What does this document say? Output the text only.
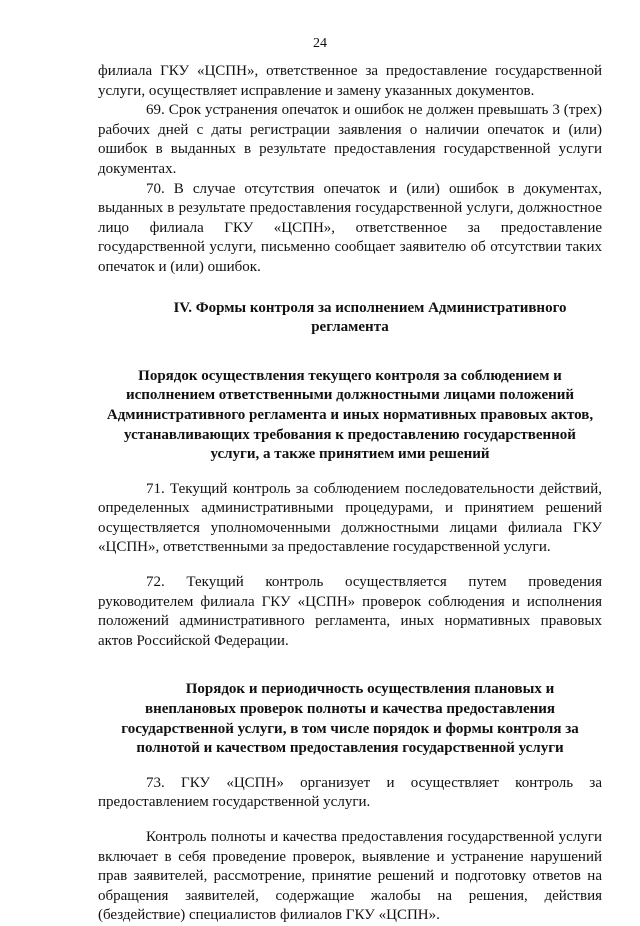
24

филиала ГКУ «ЦСПН», ответственное за предоставление государственной услуги, осуществляет исправление и замену указанных документов.

69. Срок устранения опечаток и ошибок не должен превышать 3 (трех) рабочих дней с даты регистрации заявления о наличии опечаток и (или) ошибок в выданных в результате предоставления государственной услуги документах.

70. В случае отсутствия опечаток и (или) ошибок в документах, выданных в результате предоставления государственной услуги, должностное лицо филиала ГКУ «ЦСПН», ответственное за предоставление государственной услуги, письменно сообщает заявителю об отсутствии таких опечаток и (или) ошибок.

IV. Формы контроля за исполнением Административного
регламента
Порядок осуществления текущего контроля за соблюдением и
исполнением ответственными должностными лицами положений
Административного регламента и иных нормативных правовых актов,
устанавливающих требования к предоставлению государственной
услуги, а также принятием ими решений

71. Текущий контроль за соблюдением последовательности действий, определенных административными процедурами, и принятием решений осуществляется уполномоченными должностными лицами филиала ГКУ «ЦСПН», ответственными за предоставление государственной услуги.

72. Текущий контроль осуществляется путем проведения руководителем филиала ГКУ «ЦСПН» проверок соблюдения и исполнения положений административного регламента, иных нормативных правовых актов Российской Федерации.

Порядок и периодичность осуществления плановых и
внеплановых проверок полноты и качества предоставления
государственной услуги, в том числе порядок и формы контроля за
полнотой и качеством предоставления государственной услуги

73. ГКУ «ЦСПН» организует и осуществляет контроль за предоставлением государственной услуги.

Контроль полноты и качества предоставления государственной услуги включает в себя проведение проверок, выявление и устранение нарушений прав заявителей, рассмотрение, принятие решений и подготовку ответов на обращения заявителей, содержащие жалобы на решения, действия (бездействие) специалистов филиалов ГКУ «ЦСПН».
